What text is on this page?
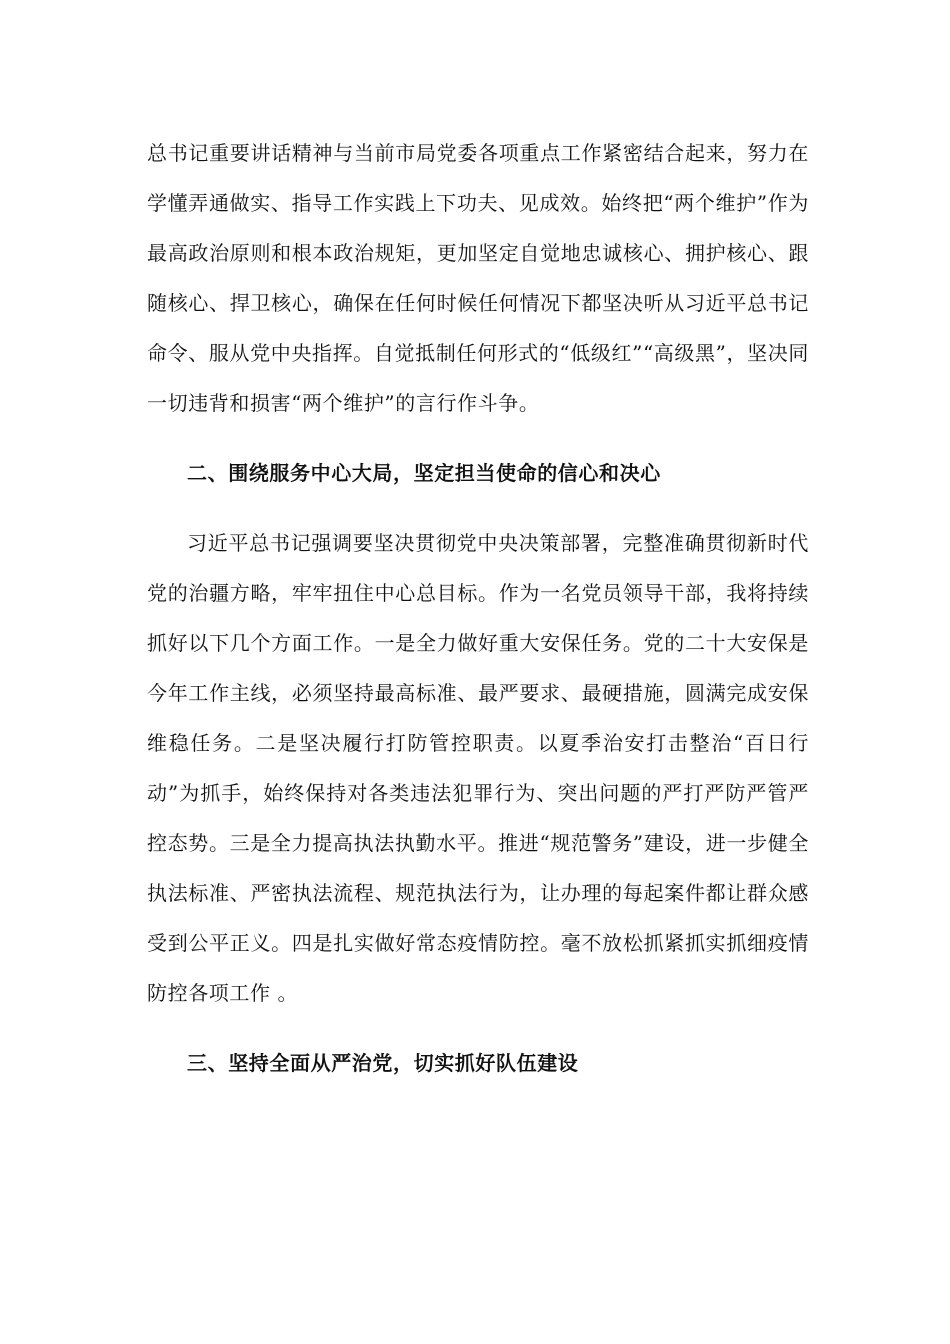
总书记重要讲话精神与当前市局党委各项重点工作紧密结合起来，努力在学懂弄通做实、指导工作实践上下功夫、见成效。始终把“两个维护”作为最高政治原则和根本政治规矩，更加坚定自觉地忠诚核心、拥护核心、跟随核心、捍卫核心，确保在任何时候任何情况下都坚决听从习近平总书记命令、服从党中央指挥。自觉抵制任何形式的“低级红”“高级黑”，坚决同一切违背和损害“两个维护”的言行作斗争。

二、围绕服务中心大局，坚定担当使命的信心和决心

习近平总书记强调要坚决贯彻党中央决策部署，完整准确贯彻新时代党的治疆方略，牢牢扭住中心总目标。作为一名党员领导干部，我将持续抓好以下几个方面工作。一是全力做好重大安保任务。党的二十大安保是今年工作主线，必须坚持最高标准、最严要求、最硬措施，圆满完成安保维稳任务。二是坚决履行打防管控职责。以夏季治安打击整治“百日行动”为抓手，始终保持对各类违法犯罪行为、突出问题的严打严防严管严控态势。三是全力提高执法执勤水平。推进“规范警务”建设，进一步健全执法标准、严密执法流程、规范执法行为，让办理的每起案件都让群众感受到公平正义。四是扎实做好常态疫情防控。毫不放松抓紧抓实抓细疫情防控各项工作 。

三、坚持全面从严治党，切实抓好队伍建设
